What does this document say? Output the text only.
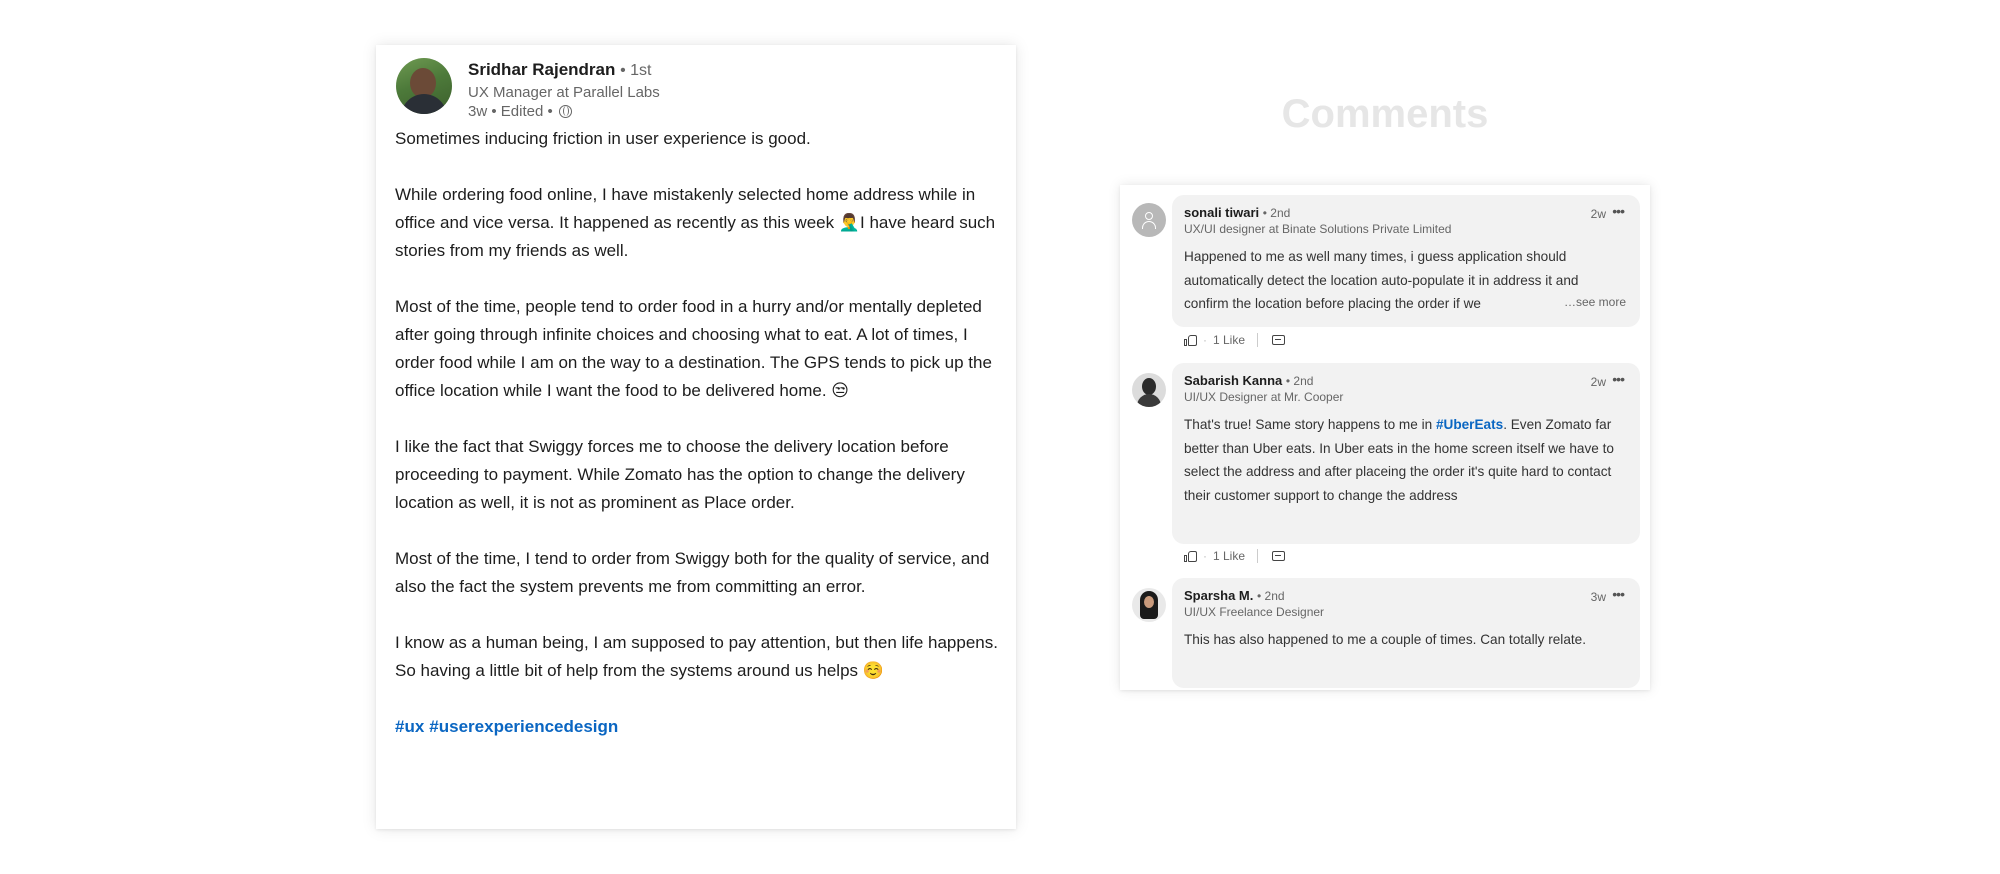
Sridhar Rajendran • 1st
UX Manager at Parallel Labs
3w • Edited •

Sometimes inducing friction in user experience is good.

While ordering food online, I have mistakenly selected home address while in office and vice versa. It happened as recently as this week 🤦‍♂️I have heard such stories from my friends as well.

Most of the time, people tend to order food in a hurry and/or mentally depleted after going through infinite choices and choosing what to eat. A lot of times, I order food while I am on the way to a destination. The GPS tends to pick up the office location while I want the food to be delivered home. 😒

I like the fact that Swiggy forces me to choose the delivery location before proceeding to payment. While Zomato has the option to change the delivery location as well, it is not as prominent as Place order.

Most of the time, I tend to order from Swiggy both for the quality of service, and also the fact the system prevents me from committing an error.

I know as a human being, I am supposed to pay attention, but then life happens. So having a little bit of help from the systems around us helps ☺️

#ux #userexperiencedesign
Comments
sonali tiwari • 2nd
UX/UI designer at Binate Solutions Private Limited
2w •••
Happened to me as well many times, i guess application should automatically detect the location auto-populate it in address it and confirm the location before placing the order if we	…see more
· 1 Like
Sabarish Kanna • 2nd
UI/UX Designer at Mr. Cooper
2w •••
That's true! Same story happens to me in #UberEats. Even Zomato far better than Uber eats. In Uber eats in the home screen itself we have to select the address and after placeing the order it's quite hard to contact their customer support to change the address
· 1 Like
Sparsha M. • 2nd
UI/UX Freelance Designer
3w •••
This has also happened to me a couple of times. Can totally relate.
